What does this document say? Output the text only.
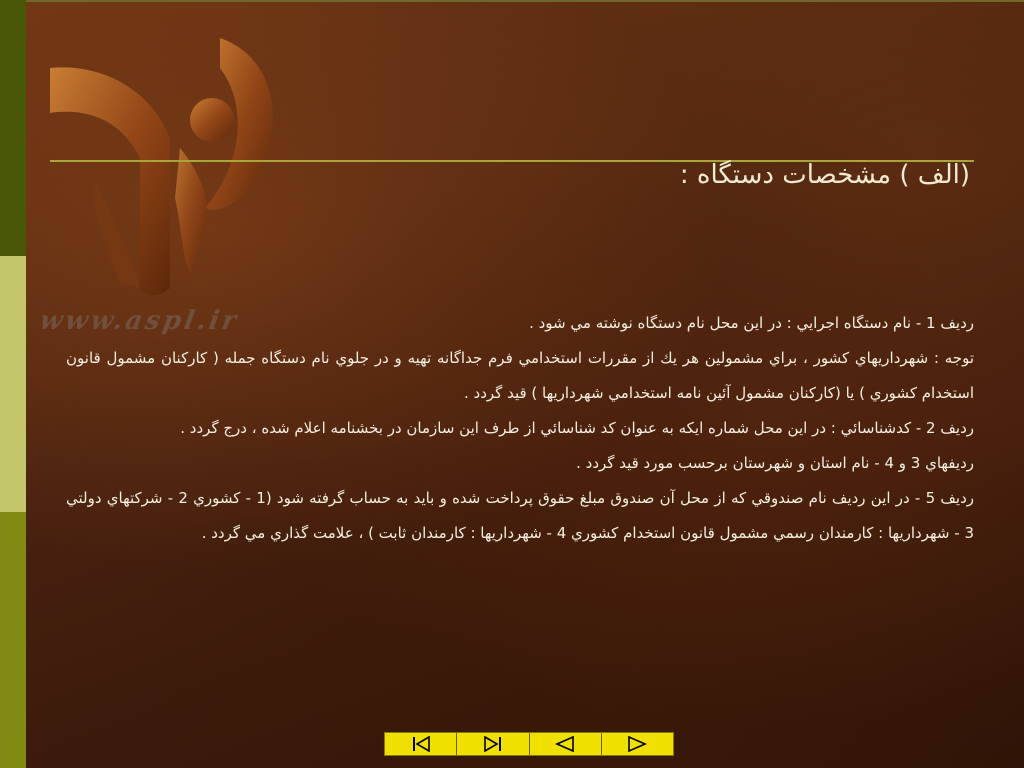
www.aspl.ir
(الف ) مشخصات دستگاه :

رديف 1 - نام دستگاه اجرايي : در اين محل نام دستگاه نوشته مي شود .

توجه : شهرداريهاي كشور ، براي مشمولين هر يك از مقررات استخدامي فرم جداگانه تهيه و در جلوي نام دستگاه جمله ( كاركنان مشمول قانون استخدام كشوري ) يا (كاركنان مشمول آئين نامه استخدامي شهرداريها ) قيد گردد .

رديف 2 - كدشناسائي : در اين محل شماره ايكه به عنوان كد شناسائي از طرف اين سازمان در بخشنامه اعلام شده ، درج گردد .

رديفهاي 3 و 4 - نام استان و شهرستان برحسب مورد قيد گردد .

رديف 5 - در اين رديف نام صندوقي كه از محل آن صندوق مبلغ حقوق پرداخت شده و بايد به حساب گرفته شود (1 - كشوري 2 - شركتهاي دولتي 3 - شهرداريها : كارمندان رسمي مشمول قانون استخدام كشوري 4 - شهرداريها : كارمندان ثابت ) ، علامت گذاري مي گردد .
